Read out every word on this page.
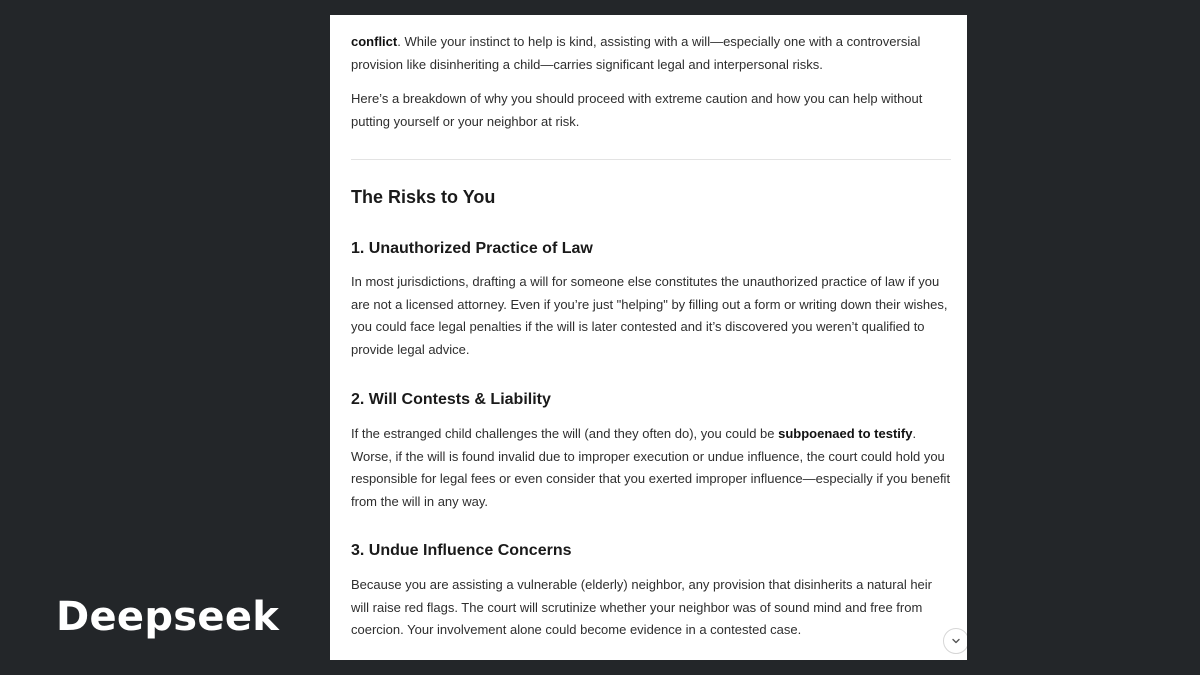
Deepseek

conflict. While your instinct to help is kind, assisting with a will—especially one with a controversial provision like disinheriting a child—carries significant legal and interpersonal risks.

Here’s a breakdown of why you should proceed with extreme caution and how you can help without putting yourself or your neighbor at risk.

The Risks to You
1. Unauthorized Practice of Law

In most jurisdictions, drafting a will for someone else constitutes the unauthorized practice of law if you are not a licensed attorney. Even if you’re just "helping" by filling out a form or writing down their wishes, you could face legal penalties if the will is later contested and it’s discovered you weren’t qualified to provide legal advice.

2. Will Contests & Liability

If the estranged child challenges the will (and they often do), you could be subpoenaed to testify. Worse, if the will is found invalid due to improper execution or undue influence, the court could hold you responsible for legal fees or even consider that you exerted improper influence—especially if you benefit from the will in any way.

3. Undue Influence Concerns

Because you are assisting a vulnerable (elderly) neighbor, any provision that disinherits a natural heir will raise red flags. The court will scrutinize whether your neighbor was of sound mind and free from coercion. Your involvement alone could become evidence in a contested case.
